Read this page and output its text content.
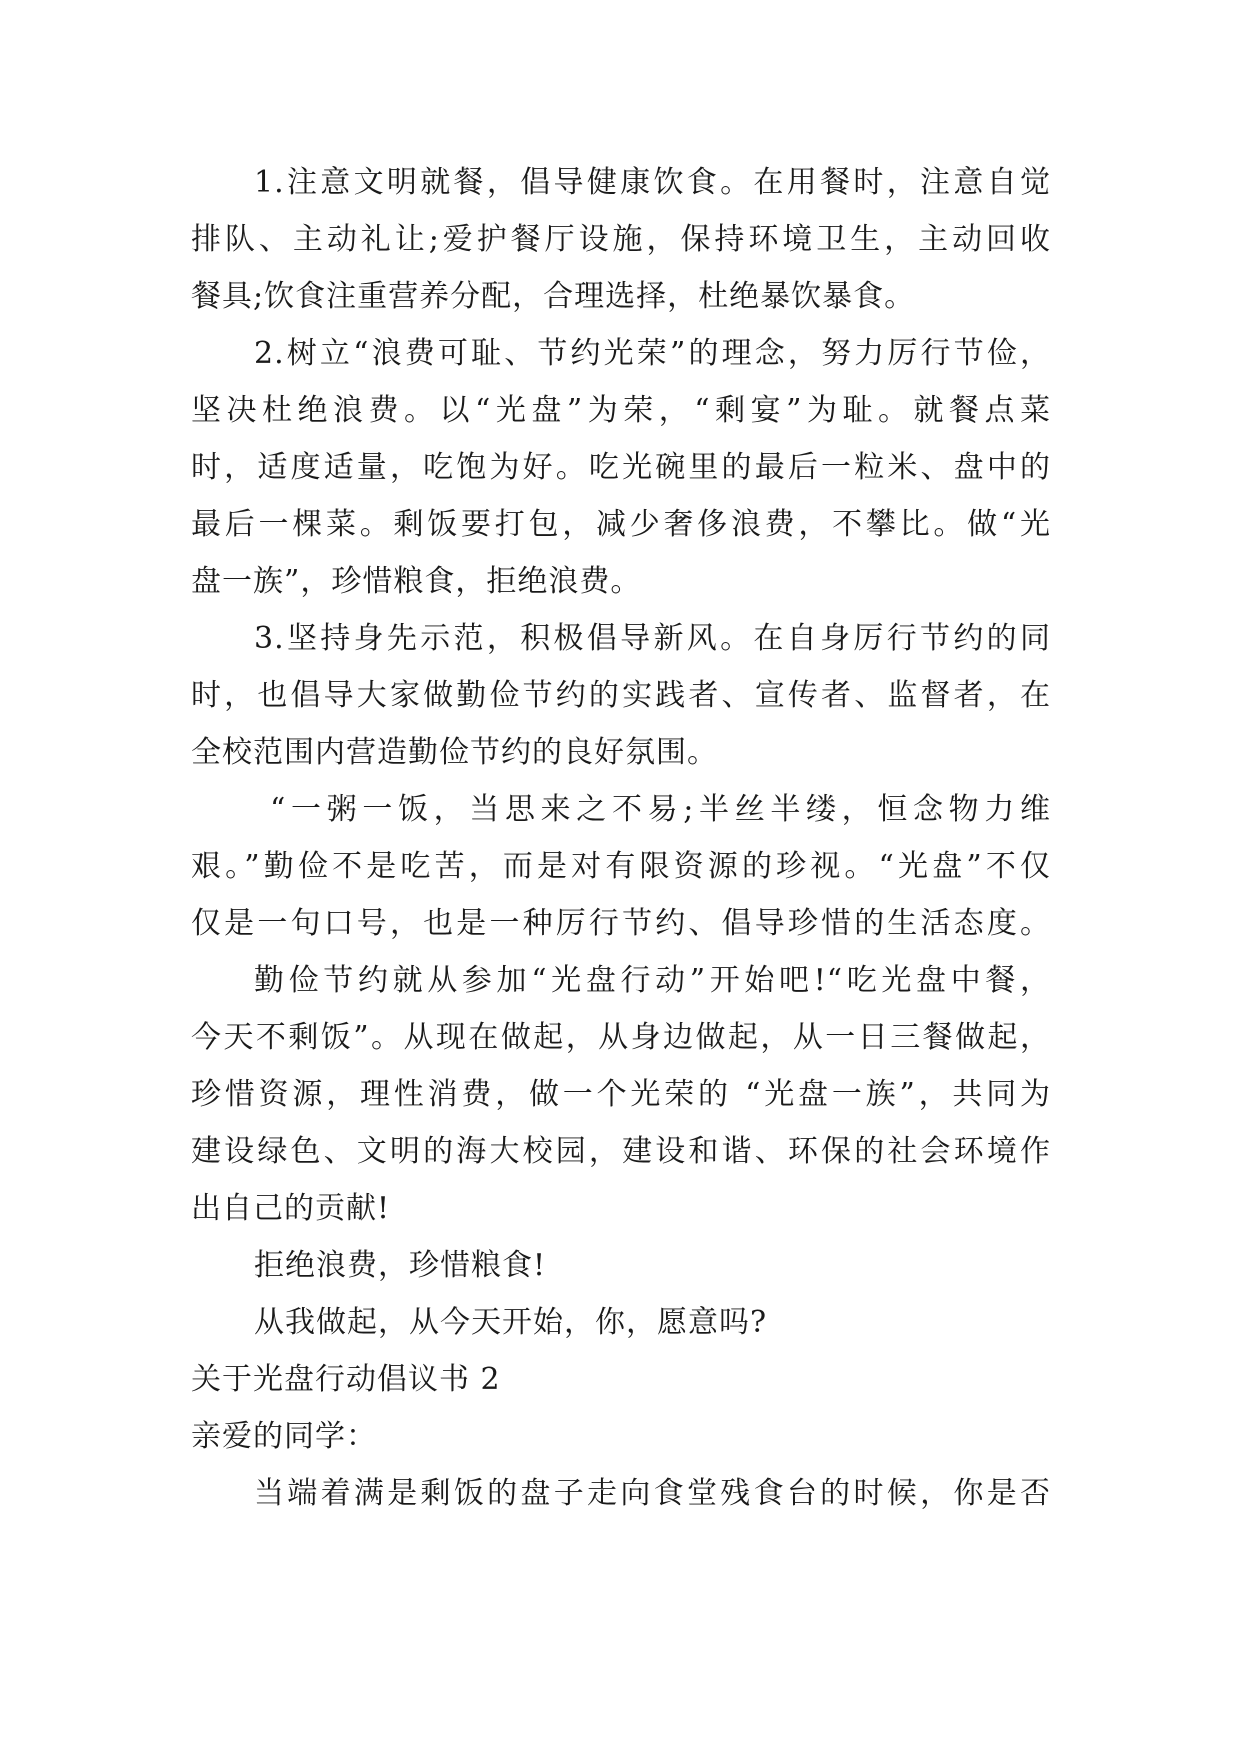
1.注意文明就餐，倡导健康饮食。在用餐时，注意自觉
排队、主动礼让;爱护餐厅设施，保持环境卫生，主动回收
餐具;饮食注重营养分配，合理选择，杜绝暴饮暴食。
2.树立“浪费可耻、节约光荣”的理念，努力厉行节俭，
坚决杜绝浪费。以“光盘”为荣，“剩宴”为耻。就餐点菜
时，适度适量，吃饱为好。吃光碗里的最后一粒米、盘中的
最后一棵菜。剩饭要打包，减少奢侈浪费，不攀比。做“光
盘一族”，珍惜粮食，拒绝浪费。
3.坚持身先示范，积极倡导新风。在自身厉行节约的同
时，也倡导大家做勤俭节约的实践者、宣传者、监督者，在
全校范围内营造勤俭节约的良好氛围。
“一粥一饭，当思来之不易;半丝半缕，恒念物力维
艰。”勤俭不是吃苦，而是对有限资源的珍视。“光盘”不仅
仅是一句口号，也是一种厉行节约、倡导珍惜的生活态度。
勤俭节约就从参加“光盘行动”开始吧!“吃光盘中餐，
今天不剩饭”。从现在做起，从身边做起，从一日三餐做起，
珍惜资源，理性消费，做一个光荣的 “光盘一族”，共同为
建设绿色、文明的海大校园，建设和谐、环保的社会环境作
出自己的贡献!
拒绝浪费，珍惜粮食!
从我做起，从今天开始，你，愿意吗?
关于光盘行动倡议书 2
亲爱的同学：
当端着满是剩饭的盘子走向食堂残食台的时候，你是否
